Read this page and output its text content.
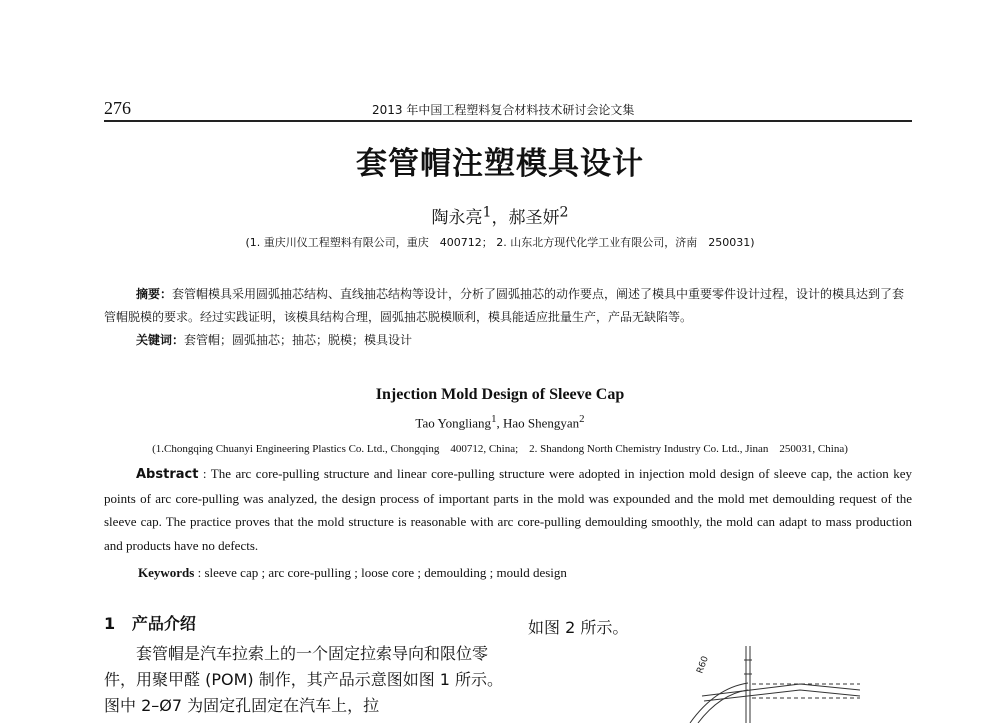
276	2013 年中国工程塑料复合材料技术研讨会论文集
套管帽注塑模具设计
陶永亮$^1$，郝圣妍$^2$
(1. 重庆川仪工程塑料有限公司，重庆　400712； 2. 山东北方现代化学工业有限公司，济南　250031)

摘要：套管帽模具采用圆弧抽芯结构、直线抽芯结构等设计，分析了圆弧抽芯的动作要点，阐述了模具中重要零件设计过程，设计的模具达到了套管帽脱模的要求。经过实践证明，该模具结构合理，圆弧抽芯脱模顺利，模具能适应批量生产，产品无缺陷等。

关键词：套管帽；圆弧抽芯；抽芯；脱模；模具设计

Injection Mold Design of Sleeve Cap
Tao Yongliang$^1$, Hao Shengyan$^2$
(1.Chongqing Chuanyi Engineering Plastics Co. Ltd., Chongqing　400712, China;　2. Shandong North Chemistry Industry Co. Ltd., Jinan　250031, China)

Abstract : The arc core-pulling structure and linear core-pulling structure were adopted in injection mold design of sleeve cap, the action key points of arc core-pulling was analyzed, the design process of important parts in the mold was expounded and the mold met demoulding request of the sleeve cap. The practice proves that the mold structure is reasonable with arc core-pulling demoulding smoothly, the mold can adapt to mass production and products have no defects.

Keywords : sleeve cap ; arc core-pulling ; loose core ; demoulding ; mould design
1 产品介绍

套管帽是汽车拉索上的一个固定拉索导向和限位零件，用聚甲醛 (POM) 制作，其产品示意图如图 1 所示。图中 2–Ø7 为固定孔固定在汽车上，拉

如图 2 所示。
R60
